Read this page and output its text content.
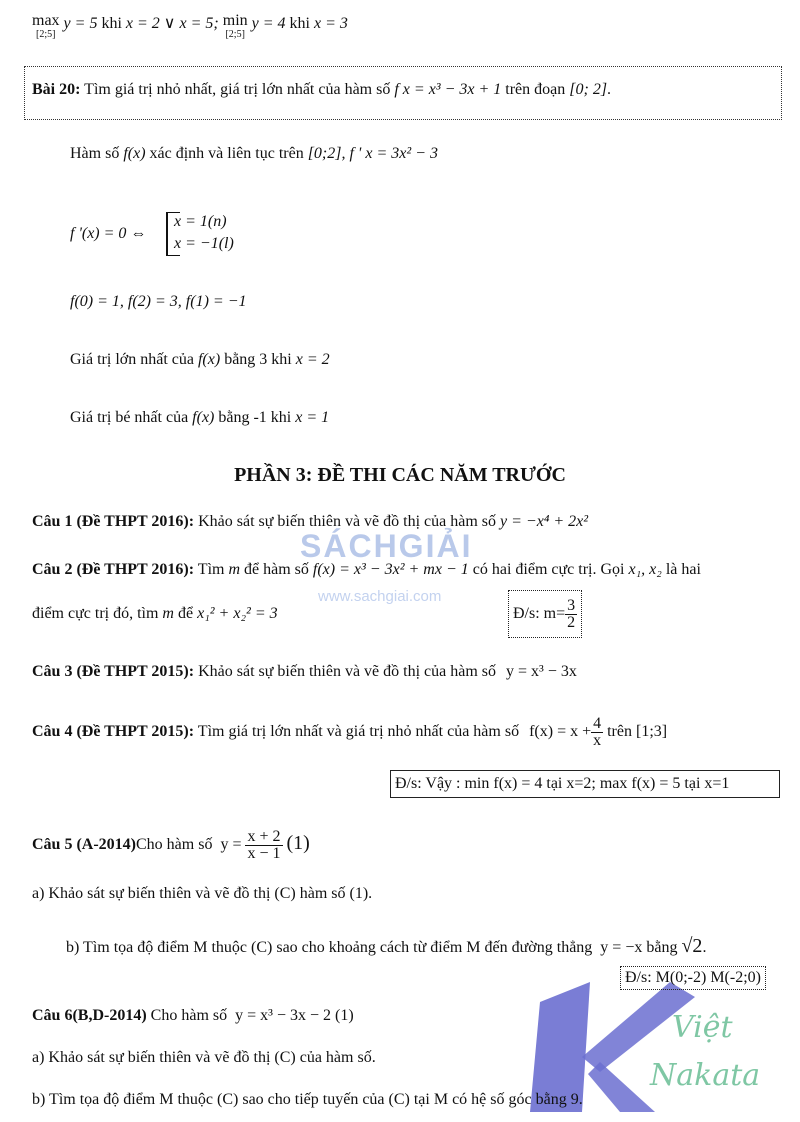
SÁCHGIẢI
www.sachgiai.com
Việt
Nakata
max
[2;5]
y = 5 khi x = 2 ∨ x = 5; min
[2;5]
y = 4 khi x = 3
Bài 20: Tìm giá trị nhỏ nhất, giá trị lớn nhất của hàm số f x = x³ − 3x + 1 trên đoạn [0; 2].
Hàm số f(x) xác định và liên tục trên [0;2], f ' x = 3x² − 3
f '(x) = 0 ⇔
x = 1(n)
x = −1(l)
f(0) = 1, f(2) = 3, f(1) = −1
Giá trị lớn nhất của f(x) bằng 3 khi x = 2
Giá trị bé nhất của f(x) bằng -1 khi x = 1
PHẦN 3: ĐỀ THI CÁC NĂM TRƯỚC
Câu 1 (Đề THPT 2016): Khảo sát sự biến thiên và vẽ đồ thị của hàm số y = −x⁴ + 2x²
Câu 2 (Đề THPT 2016): Tìm m để hàm số f(x) = x³ − 3x² + mx − 1 có hai điểm cực trị. Gọi x₁, x₂ là hai
điểm cực trị đó, tìm m để x₁² + x₂² = 3	Đ/s: $m= \frac{3}{2}$
Câu 3 (Đề THPT 2015): Khảo sát sự biến thiên và vẽ đồ thị của hàm số y = x³ − 3x
Câu 4 (Đề THPT 2015): Tìm giá trị lớn nhất và giá trị nhỏ nhất của hàm số $f(x) = x + \frac{4}{x}$ trên [1;3]
Đ/s: Vậy : min f(x) = 4 tại x=2; max f(x) = 5 tại x=1
Câu 5 (A-2014)Cho hàm số $y = \frac{x + 2}{x - 1} (1)$
a) Khảo sát sự biến thiên và vẽ đồ thị (C) hàm số (1).
b) Tìm tọa độ điểm M thuộc (C) sao cho khoảng cách từ điểm M đến đường thẳng y = −x bằng √2.
Đ/s: M(0;-2) M(-2;0)
Câu 6(B,D-2014) Cho hàm số y = x³ − 3x − 2 (1)
a) Khảo sát sự biến thiên và vẽ đồ thị (C) của hàm số.
b) Tìm tọa độ điểm M thuộc (C) sao cho tiếp tuyến của (C) tại M có hệ số góc bằng 9.
